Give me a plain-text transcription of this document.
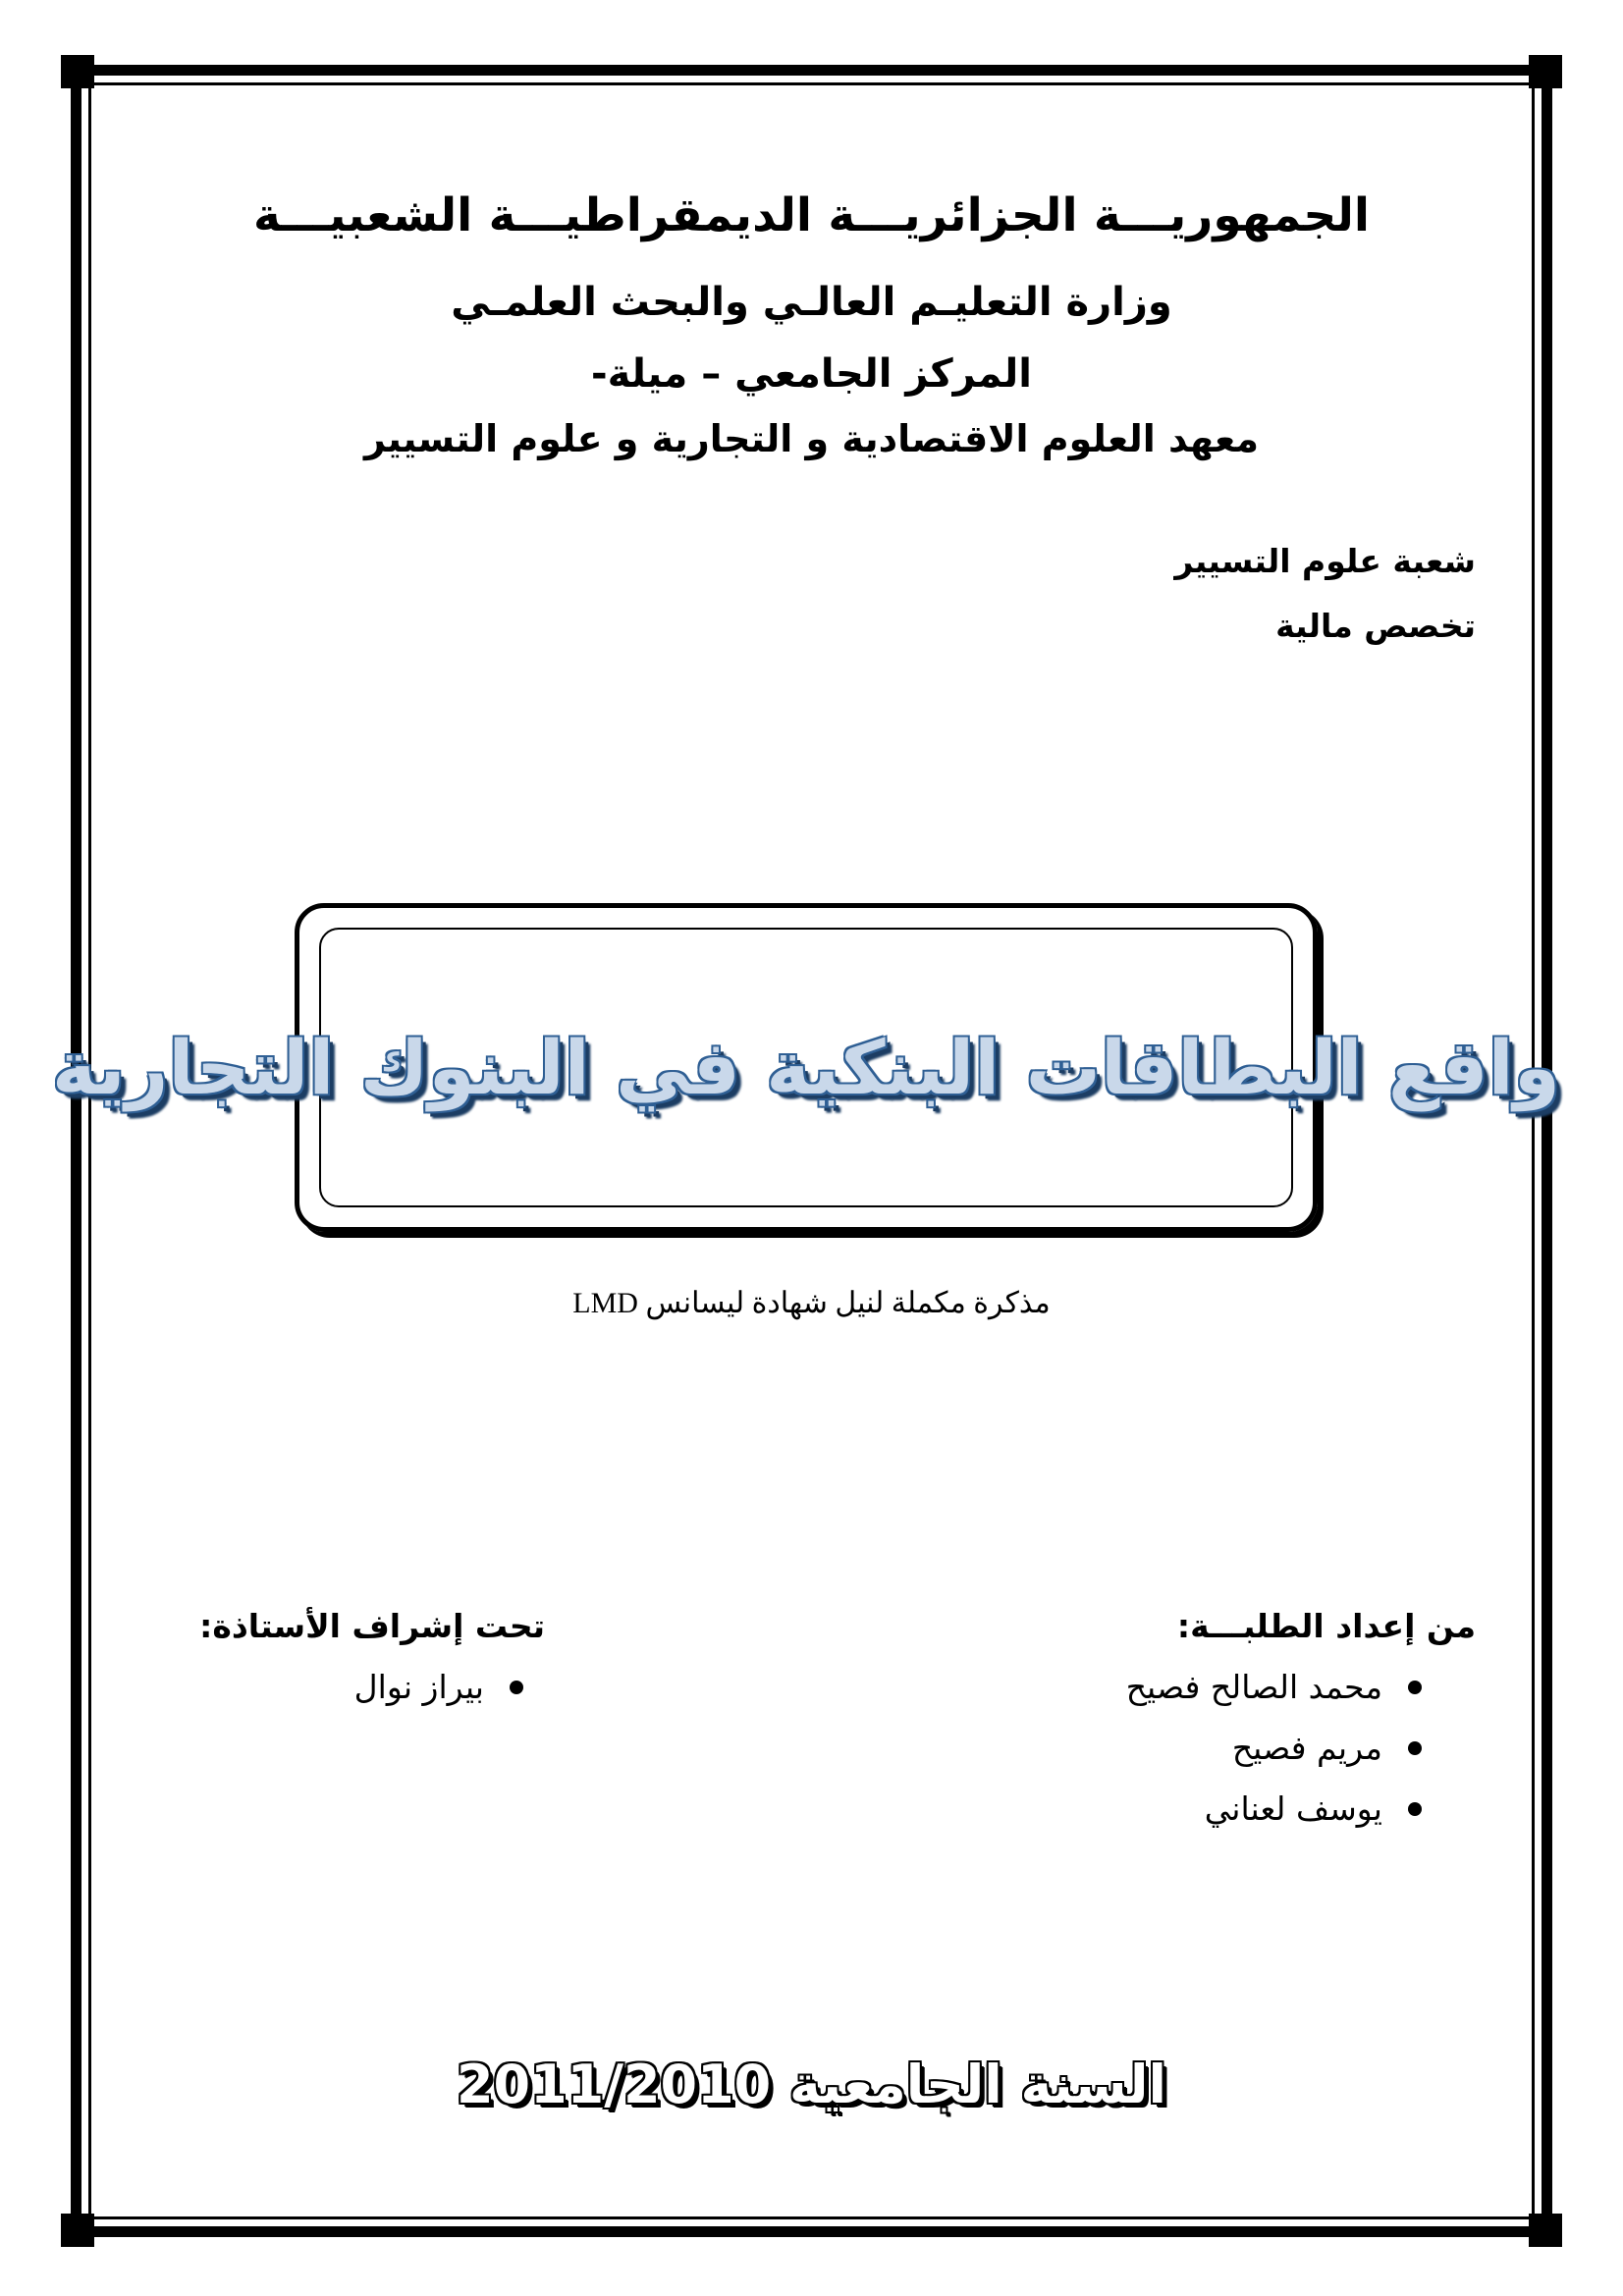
الجمهوريـــة الجزائريـــة الديمقراطيـــة الشعبيـــة
وزارة التعليـم العالـي والبحث العلمـي
المركز الجامعي – ميلة-
معهد العلوم الاقتصادية و التجارية و علوم التسيير
شعبة علوم التسيير
تخصص مالية
واقع البطاقات البنكية في البنوك التجارية
مذكرة مكملة لنيل شهادة ليسانس LMD
من إعداد الطلبـــة:
محمد الصالح فصيح
مريم فصيح
يوسف لعناني
تحت إشراف الأستاذة:
بيراز نوال
السنة الجامعية 2011/2010
